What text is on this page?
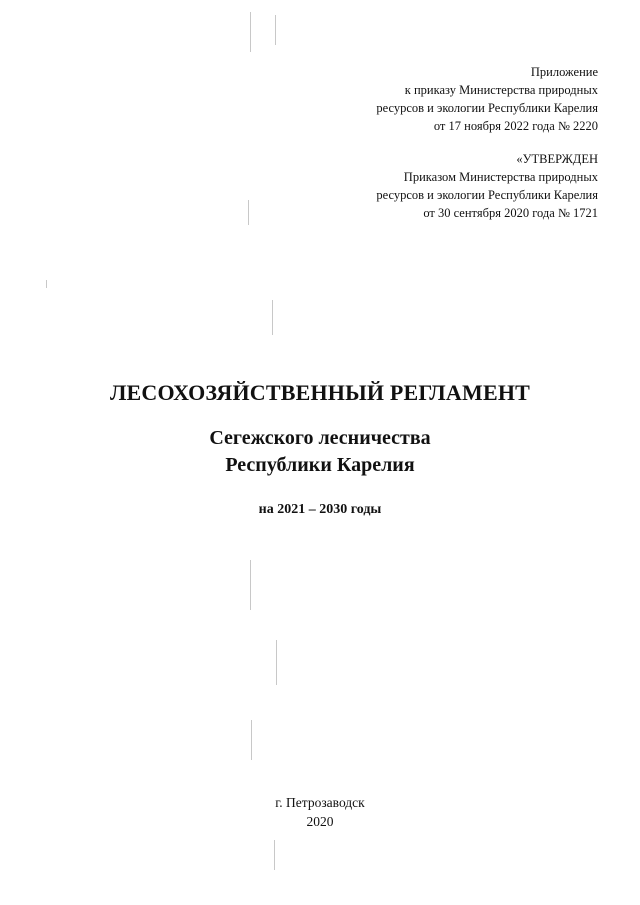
Приложение
к приказу Министерства природных
ресурсов и экологии Республики Карелия
от 17 ноября 2022 года № 2220
«УТВЕРЖДЕН
Приказом Министерства природных
ресурсов и экологии Республики Карелия
от 30 сентября 2020 года № 1721
ЛЕСОХОЗЯЙСТВЕННЫЙ РЕГЛАМЕНТ
Сегежского лесничества
Республики Карелия
на 2021 – 2030 годы
г. Петрозаводск
2020
